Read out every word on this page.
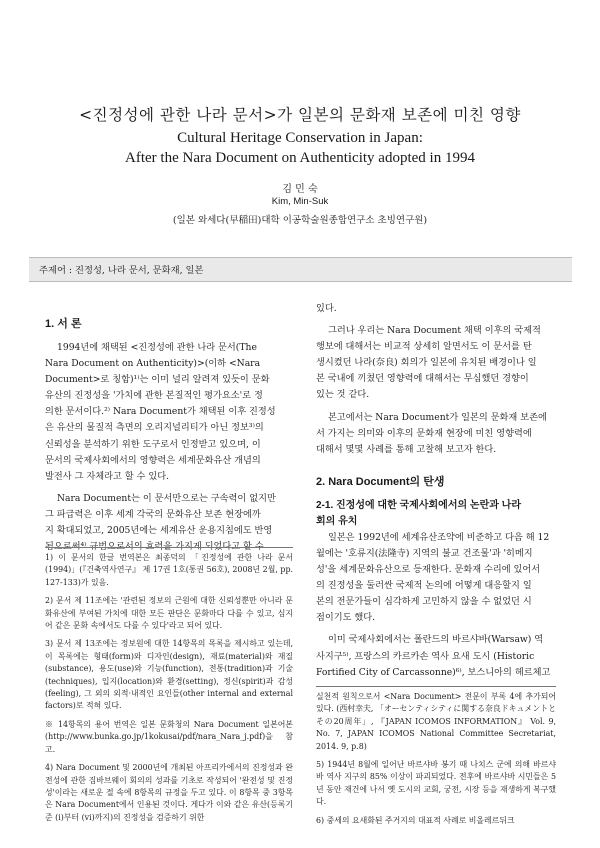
<진정성에 관한 나라 문서>가 일본의 문화재 보존에 미친 영향
Cultural Heritage Conservation in Japan:
After the Nara Document on Authenticity adopted in 1994
김 민 숙
Kim, Min-Suk
(일본 와세다(早稲田)대학 이공학술원종합연구소 초빙연구원)
주제어 : 진정성, 나라 문서, 문화재, 일본
1. 서 론
1994년에 채택된 <진정성에 관한 나라 문서(The
Nara Document on Authenticity)>(이하 <Nara
Document>로 칭함)¹⁾는 이미 널리 알려져 있듯이 문화
유산의 진정성을 '가치에 관한 본질적인 평가요소'로 정
의한 문서이다.²⁾ Nara Document가 채택된 이후 진정성
은 유산의 물질적 측면의 오리지널리티가 아닌 정보³⁾의
신뢰성을 분석하기 위한 도구로서 인정받고 있으며, 이
문서의 국제사회에서의 영향력은 세계문화유산 개념의
발전사 그 자체라고 할 수 있다.
Nara Document는 이 문서만으로는 구속력이 없지만
그 파급력은 이후 세계 각국의 문화유산 보존 현장에까
지 확대되었고, 2005년에는 세계유산 운용지침에도 반영
됨으로써⁴⁾ 규범으로서의 효력을 가지게 되었다고 할 수

1) 이 문서의 한글 번역본은 최종덕의 「진정성에 관한 나라 문서(1994)」(『건축역사연구』 제 17권 1호(통권 56호), 2008년 2월, pp. 127-133)가 있음.

2) 문서 제 11조에는 '관련된 정보의 근원에 대한 신뢰성뿐만 아니라 문화유산에 부여된 가치에 대한 모든 판단은 문화마다 다를 수 있고, 심지어 같은 문화 속에서도 다를 수 있다'라고 되어 있다.

3) 문서 제 13조에는 정보원에 대한 14항목의 목록을 제시하고 있는데, 이 목록에는 형태(form)와 디자인(design), 재료(material)와 재질(substance), 용도(use)와 기능(function), 전통(tradition)과 기술(techniques), 입지(location)와 환경(setting), 정신(spirit)과 감성(feeling), 그 외의 외적·내적인 요인들(other internal and external factors)로 적혀 있다.

※ 14항목의 용어 번역은 일본 문화청의 Nara Document 일본어본(http://www.bunka.go.jp/1kokusai/pdf/nara_Nara_j.pdf)을 참고.

4) Nara Document 및 2000년에 개최된 아프리카에서의 진정성과 완전성에 관한 짐바브웨이 회의의 성과를 기초로 작성되어 '완전성 및 진정성'이라는 새로운 절 속에 8항목의 규정을 두고 있다. 이 8항목 중 3항목은 Nara Document에서 인용된 것이다. 게다가 이와 같은 유산(등록기준 (ⅰ)부터 (ⅵ)까지)의 진정성을 검증하기 위한

있다.
그러나 우리는 Nara Document 채택 이후의 국제적
행보에 대해서는 비교적 상세히 알면서도 이 문서를 탄
생시켰던 나라(奈良) 회의가 일본에 유치된 배경이나 일
본 국내에 끼쳤던 영향력에 대해서는 무심했던 경향이
있는 것 같다.
본고에서는 Nara Document가 일본의 문화재 보존에
서 가지는 의미와 이후의 문화재 현장에 미친 영향력에
대해서 몇몇 사례를 통해 고찰해 보고자 한다.
2. Nara Document의 탄생
2-1. 진정성에 대한 국제사회에서의 논란과 나라
회의 유치
일본은 1992년에 세계유산조약에 비준하고 다음 해 12
월에는 '호류지(法隆寺) 지역의 불교 건조물'과 '히메지
성'을 세계문화유산으로 등재한다. 문화재 수리에 있어서
의 진정성을 둘러싼 국제적 논의에 어떻게 대응할지 일
본의 전문가들이 심각하게 고민하지 않을 수 없었던 시
점이기도 했다.
이미 국제사회에서는 폴란드의 바르샤바(Warsaw) 역
사지구⁵⁾, 프랑스의 카르카손 역사 요새 도시 (Historic
Fortified City of Carcassonne)⁶⁾, 보스니아의 헤르체고

실천적 원칙으로서 <Nara Document> 전문이 부록 4에 추가되어 있다. (西村幸夫, 「オーセンティシティに関する奈良ドキュメントとその20周年」, 『JAPAN ICOMOS INFORMATION』 Vol. 9, No. 7, JAPAN ICOMOS National Committee Secretariat, 2014. 9, p.8)

5) 1944년 8월에 일어난 바르샤바 봉기 때 나치스 군에 의해 바르샤바 역사 지구의 85% 이상이 파괴되었다. 전후에 바르샤바 시민들은 5년 동안 재건에 나서 옛 도시의 교회, 궁전, 시장 등을 재생하게 복구했다.

6) 중세의 요새화된 주거지의 대표적 사례로 비올레르뒤크
